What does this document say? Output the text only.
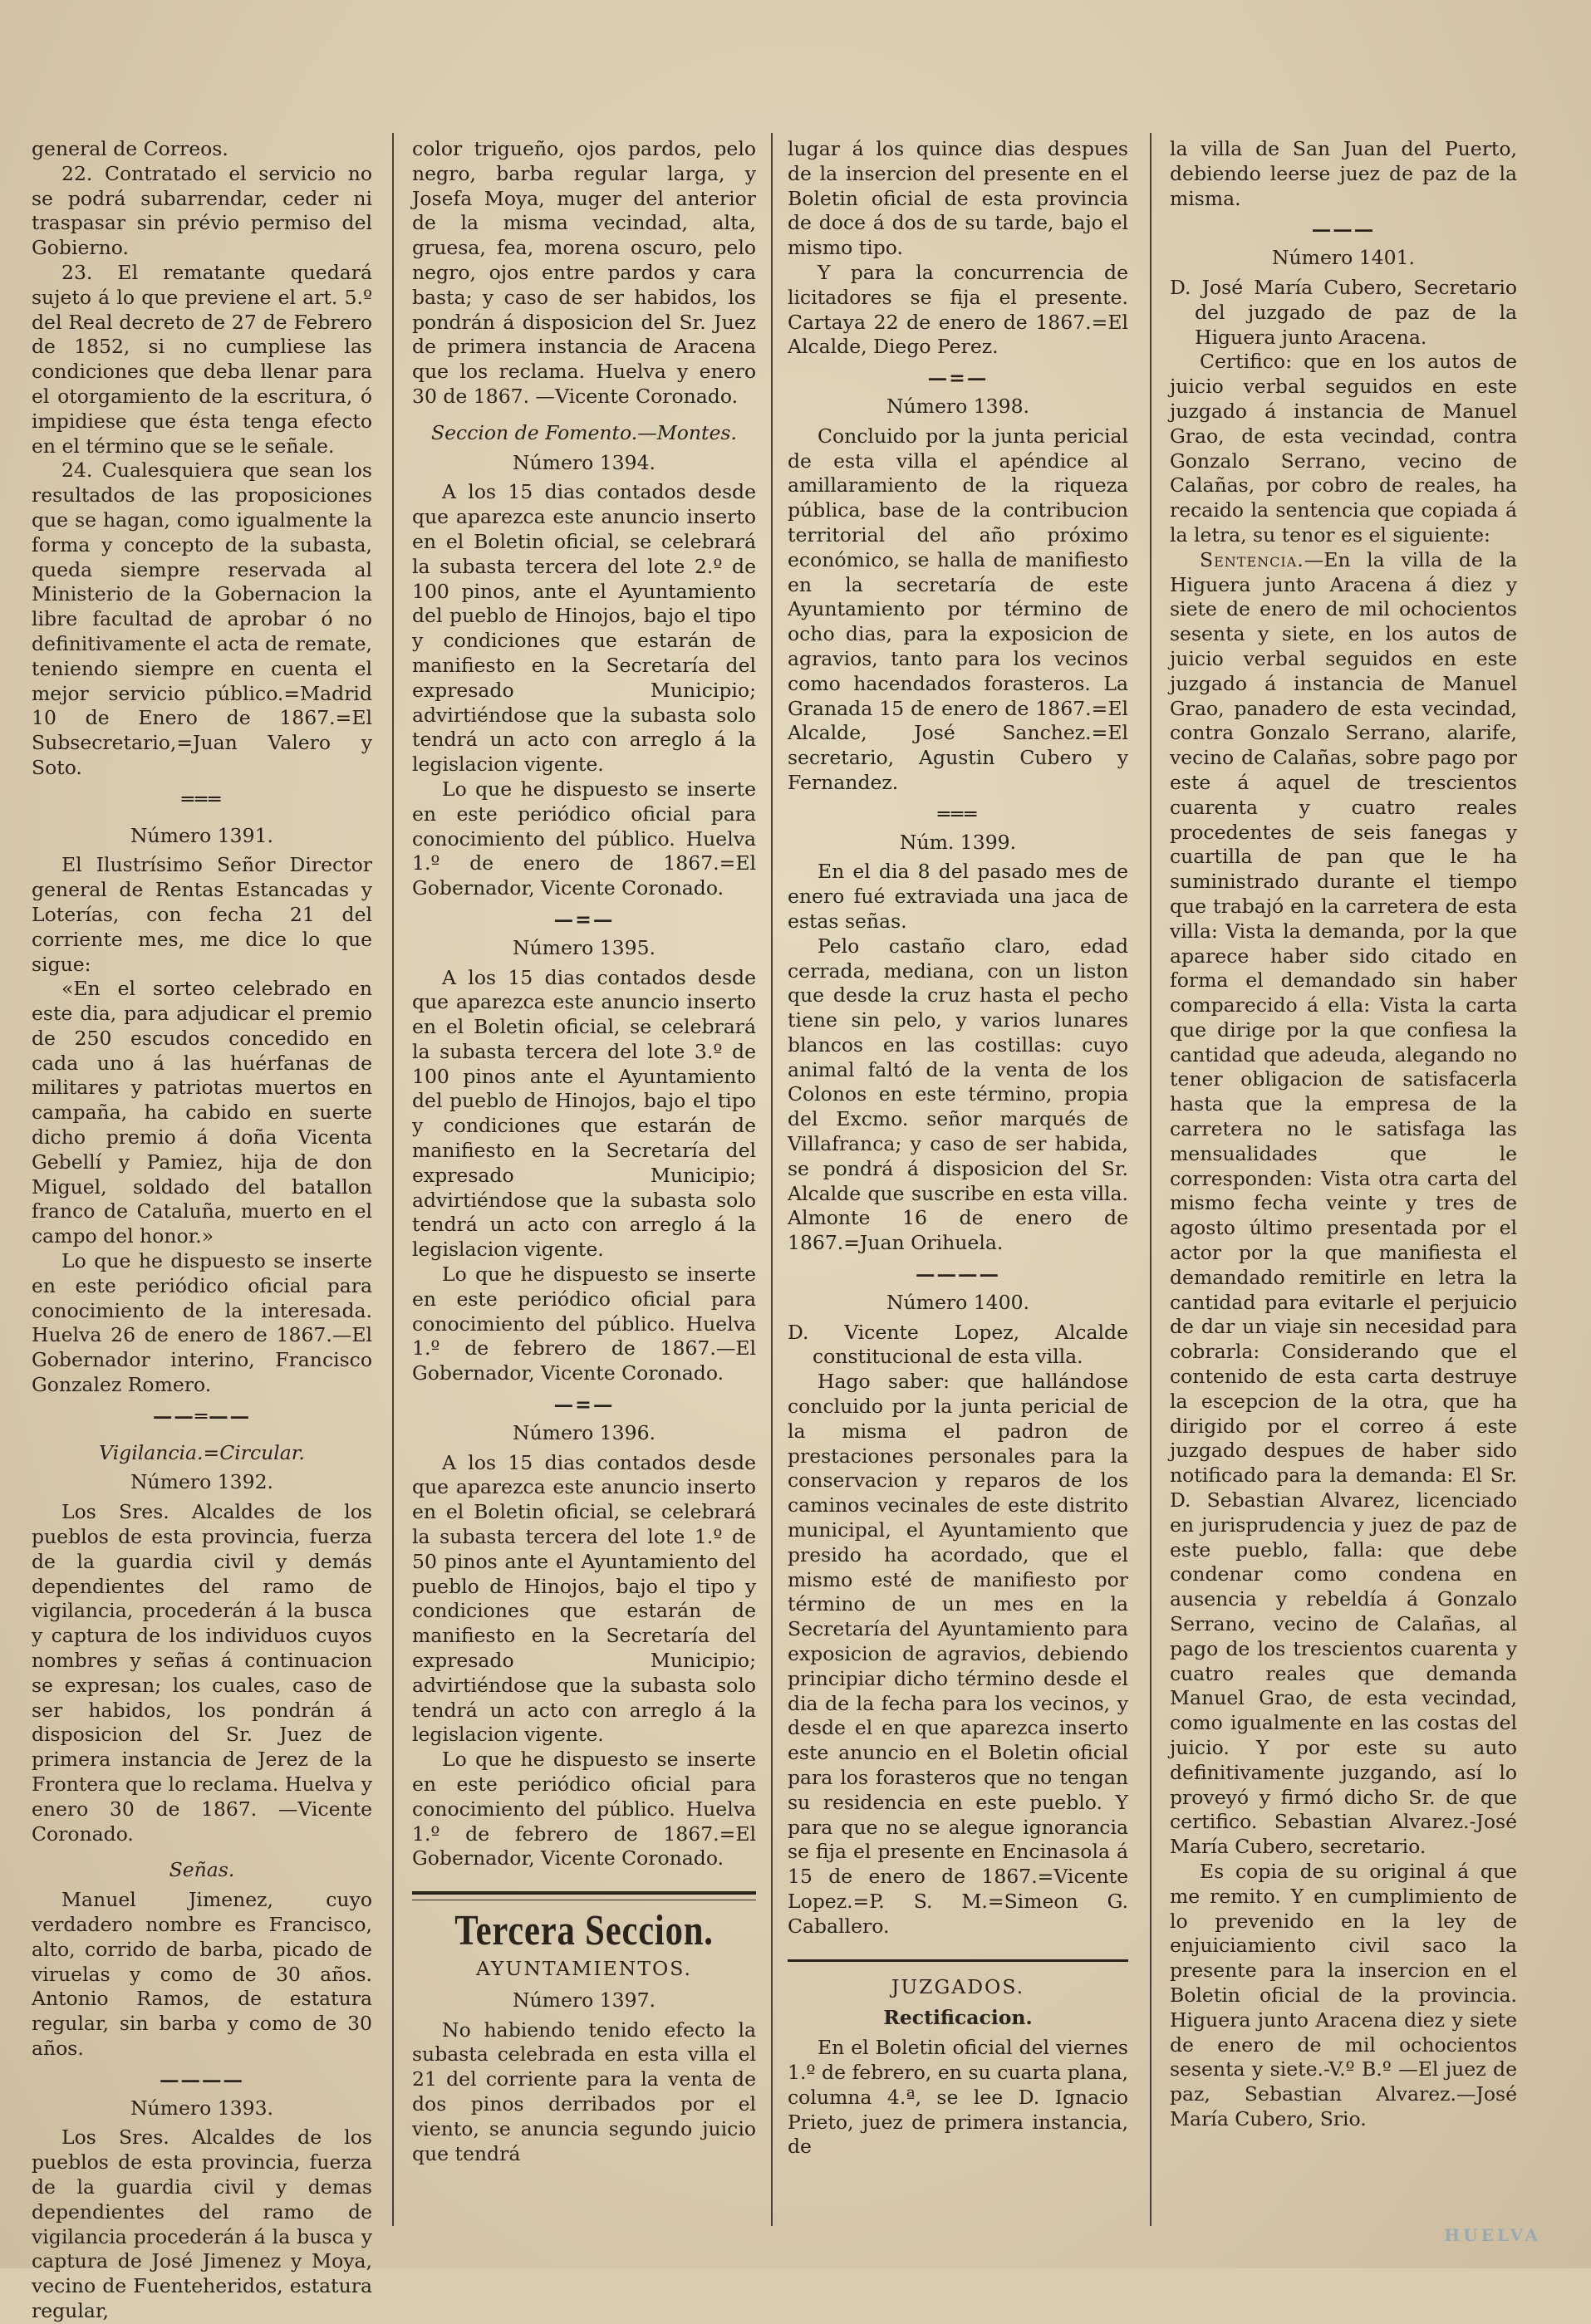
general de Correos.

22. Contratado el servicio no se podrá subarrendar, ceder ni traspasar sin prévio permiso del Gobierno.

23. El rematante quedará sujeto á lo que previene el art. 5.º del Real decreto de 27 de Febrero de 1852, si no cumpliese las condiciones que deba llenar para el otorgamiento de la escritura, ó impidiese que ésta tenga efecto en el término que se le señale.

24. Cualesquiera que sean los resultados de las proposiciones que se hagan, como igualmente la forma y concepto de la subasta, queda siempre reservada al Ministerio de la Gobernacion la libre facultad de aprobar ó no definitivamente el acta de remate, teniendo siempre en cuenta el mejor servicio público.=Madrid 10 de Enero de 1867.=El Subsecretario,=Juan Valero y Soto.

═══
Número 1391.

El Ilustrísimo Señor Director general de Rentas Estancadas y Loterías, con fecha 21 del corriente mes, me dice lo que sigue:

«En el sorteo celebrado en este dia, para adjudicar el premio de 250 escudos concedido en cada uno á las huérfanas de militares y patriotas muertos en campaña, ha cabido en suerte dicho premio á doña Vicenta Gebellí y Pamiez, hija de don Miguel, soldado del batallon franco de Cataluña, muerto en el campo del honor.»

Lo que he dispuesto se inserte en este periódico oficial para conocimiento de la interesada. Huelva 26 de enero de 1867.—El Gobernador interino, Francisco Gonzalez Romero.

——═——
Vigilancia.=Circular.
Número 1392.

Los Sres. Alcaldes de los pueblos de esta provincia, fuerza de la guardia civil y demás dependientes del ramo de vigilancia, procederán á la busca y captura de los individuos cuyos nombres y señas á continuacion se expresan; los cuales, caso de ser habidos, los pondrán á disposicion del Sr. Juez de primera instancia de Jerez de la Frontera que lo reclama. Huelva y enero 30 de 1867. —Vicente Coronado.

Señas.

Manuel Jimenez, cuyo verdadero nombre es Francisco, alto, corrido de barba, picado de viruelas y como de 30 años. Antonio Ramos, de estatura regular, sin barba y como de 30 años.

————
Número 1393.

Los Sres. Alcaldes de los pueblos de esta provincia, fuerza de la guardia civil y demas dependientes del ramo de vigilancia procederán á la busca y captura de José Jimenez y Moya, vecino de Fuenteheridos, estatura regular,

color trigueño, ojos pardos, pelo negro, barba regular larga, y Josefa Moya, muger del anterior de la misma vecindad, alta, gruesa, fea, morena oscuro, pelo negro, ojos entre pardos y cara basta; y caso de ser habidos, los pondrán á disposicion del Sr. Juez de primera instancia de Aracena que los reclama. Huelva y enero 30 de 1867. —Vicente Coronado.

Seccion de Fomento.—Montes.
Número 1394.

A los 15 dias contados desde que aparezca este anuncio inserto en el Boletin oficial, se celebrará la subasta tercera del lote 2.º de 100 pinos, ante el Ayuntamiento del pueblo de Hinojos, bajo el tipo y condiciones que estarán de manifiesto en la Secretaría del expresado Municipio; advirtiéndose que la subasta solo tendrá un acto con arreglo á la legislacion vigente.

Lo que he dispuesto se inserte en este periódico oficial para conocimiento del público. Huelva 1.º de enero de 1867.=El Gobernador, Vicente Coronado.

—=—
Número 1395.

A los 15 dias contados desde que aparezca este anuncio inserto en el Boletin oficial, se celebrará la subasta tercera del lote 3.º de 100 pinos ante el Ayuntamiento del pueblo de Hinojos, bajo el tipo y condiciones que estarán de manifiesto en la Secretaría del expresado Municipio; advirtiéndose que la subasta solo tendrá un acto con arreglo á la legislacion vigente.

Lo que he dispuesto se inserte en este periódico oficial para conocimiento del público. Huelva 1.º de febrero de 1867.—El Gobernador, Vicente Coronado.

—=—
Número 1396.

A los 15 dias contados desde que aparezca este anuncio inserto en el Boletin oficial, se celebrará la subasta tercera del lote 1.º de 50 pinos ante el Ayuntamiento del pueblo de Hinojos, bajo el tipo y condiciones que estarán de manifiesto en la Secretaría del expresado Municipio; advirtiéndose que la subasta solo tendrá un acto con arreglo á la legislacion vigente.

Lo que he dispuesto se inserte en este periódico oficial para conocimiento del público. Huelva 1.º de febrero de 1867.=El Gobernador, Vicente Coronado.

Tercera Seccion.
AYUNTAMIENTOS.
Número 1397.

No habiendo tenido efecto la subasta celebrada en esta villa el 21 del corriente para la venta de dos pinos derribados por el viento, se anuncia segundo juicio que tendrá

lugar á los quince dias despues de la insercion del presente en el Boletin oficial de esta provincia de doce á dos de su tarde, bajo el mismo tipo.

Y para la concurrencia de licitadores se fija el presente. Cartaya 22 de enero de 1867.=El Alcalde, Diego Perez.

—=—
Número 1398.

Concluido por la junta pericial de esta villa el apéndice al amillaramiento de la riqueza pública, base de la contribucion territorial del año próximo económico, se halla de manifiesto en la secretaría de este Ayuntamiento por término de ocho dias, para la exposicion de agravios, tanto para los vecinos como hacendados forasteros. La Granada 15 de enero de 1867.=El Alcalde, José Sanchez.=El secretario, Agustin Cubero y Fernandez.

═══
Núm. 1399.

En el dia 8 del pasado mes de enero fué extraviada una jaca de estas señas.

Pelo castaño claro, edad cerrada, mediana, con un liston que desde la cruz hasta el pecho tiene sin pelo, y varios lunares blancos en las costillas: cuyo animal faltó de la venta de los Colonos en este término, propia del Excmo. señor marqués de Villafranca; y caso de ser habida, se pondrá á disposicion del Sr. Alcalde que suscribe en esta villa. Almonte 16 de enero de 1867.=Juan Orihuela.

————
Número 1400.

D. Vicente Lopez, Alcalde constitucional de esta villa.

Hago saber: que hallándose concluido por la junta pericial de la misma el padron de prestaciones personales para la conservacion y reparos de los caminos vecinales de este distrito municipal, el Ayuntamiento que presido ha acordado, que el mismo esté de manifiesto por término de un mes en la Secretaría del Ayuntamiento para exposicion de agravios, debiendo principiar dicho término desde el dia de la fecha para los vecinos, y desde el en que aparezca inserto este anuncio en el Boletin oficial para los forasteros que no tengan su residencia en este pueblo. Y para que no se alegue ignorancia se fija el presente en Encinasola á 15 de enero de 1867.=Vicente Lopez.=P. S. M.=Simeon G. Caballero.

JUZGADOS.
Rectificacion.

En el Boletin oficial del viernes 1.º de febrero, en su cuarta plana, columna 4.ª, se lee D. Ignacio Prieto, juez de primera instancia, de

la villa de San Juan del Puerto, debiendo leerse juez de paz de la misma.

———
Número 1401.

D. José María Cubero, Secretario del juzgado de paz de la Higuera junto Aracena.

Certifico: que en los autos de juicio verbal seguidos en este juzgado á instancia de Manuel Grao, de esta vecindad, contra Gonzalo Serrano, vecino de Calañas, por cobro de reales, ha recaido la sentencia que copiada á la letra, su tenor es el siguiente:

Sentencia.—En la villa de la Higuera junto Aracena á diez y siete de enero de mil ochocientos sesenta y siete, en los autos de juicio verbal seguidos en este juzgado á instancia de Manuel Grao, panadero de esta vecindad, contra Gonzalo Serrano, alarife, vecino de Calañas, sobre pago por este á aquel de trescientos cuarenta y cuatro reales procedentes de seis fanegas y cuartilla de pan que le ha suministrado durante el tiempo que trabajó en la carretera de esta villa: Vista la demanda, por la que aparece haber sido citado en forma el demandado sin haber comparecido á ella: Vista la carta que dirige por la que confiesa la cantidad que adeuda, alegando no tener obligacion de satisfacerla hasta que la empresa de la carretera no le satisfaga las mensualidades que le corresponden: Vista otra carta del mismo fecha veinte y tres de agosto último presentada por el actor por la que manifiesta el demandado remitirle en letra la cantidad para evitarle el perjuicio de dar un viaje sin necesidad para cobrarla: Considerando que el contenido de esta carta destruye la escepcion de la otra, que ha dirigido por el correo á este juzgado despues de haber sido notificado para la demanda: El Sr. D. Sebastian Alvarez, licenciado en jurisprudencia y juez de paz de este pueblo, falla: que debe condenar como condena en ausencia y rebeldía á Gonzalo Serrano, vecino de Calañas, al pago de los trescientos cuarenta y cuatro reales que demanda Manuel Grao, de esta vecindad, como igualmente en las costas del juicio. Y por este su auto definitivamente juzgando, así lo proveyó y firmó dicho Sr. de que certifico. Sebastian Alvarez.-José María Cubero, secretario.

Es copia de su original á que me remito. Y en cumplimiento de lo prevenido en la ley de enjuiciamiento civil saco la presente para la insercion en el Boletin oficial de la provincia. Higuera junto Aracena diez y siete de enero de mil ochocientos sesenta y siete.-V.º B.º —El juez de paz, Sebastian Alvarez.—José María Cubero, Srio.

HUELVA
